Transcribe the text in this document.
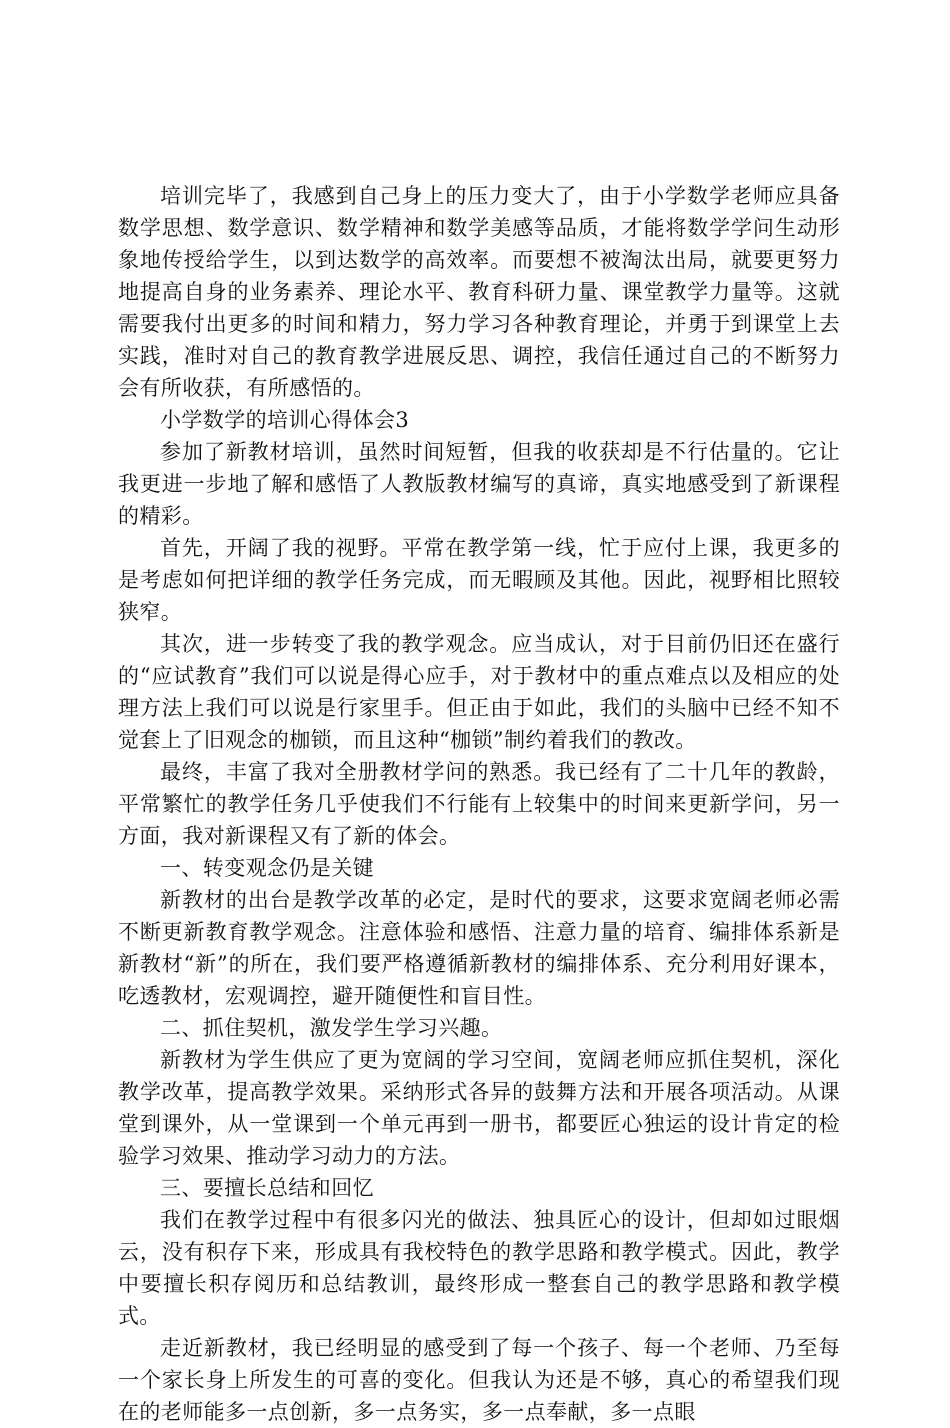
培训完毕了，我感到自己身上的压力变大了，由于小学数学老师应具备数学思想、数学意识、数学精神和数学美感等品质，才能将数学学问生动形象地传授给学生，以到达数学的高效率。而要想不被淘汰出局，就要更努力地提高自身的业务素养、理论水平、教育科研力量、课堂教学力量等。这就需要我付出更多的时间和精力，努力学习各种教育理论，并勇于到课堂上去实践，准时对自己的教育教学进展反思、调控，我信任通过自己的不断努力会有所收获，有所感悟的。

小学数学的培训心得体会3

参加了新教材培训，虽然时间短暂，但我的收获却是不行估量的。它让我更进一步地了解和感悟了人教版教材编写的真谛，真实地感受到了新课程的精彩。

首先，开阔了我的视野。平常在教学第一线，忙于应付上课，我更多的是考虑如何把详细的教学任务完成，而无暇顾及其他。因此，视野相比照较狭窄。

其次，进一步转变了我的教学观念。应当成认，对于目前仍旧还在盛行的“应试教育”我们可以说是得心应手，对于教材中的重点难点以及相应的处理方法上我们可以说是行家里手。但正由于如此，我们的头脑中已经不知不觉套上了旧观念的枷锁，而且这种“枷锁”制约着我们的教改。

最终，丰富了我对全册教材学问的熟悉。我已经有了二十几年的教龄，平常繁忙的教学任务几乎使我们不行能有上较集中的时间来更新学问，另一方面，我对新课程又有了新的体会。

一、转变观念仍是关键

新教材的出台是教学改革的必定，是时代的要求，这要求宽阔老师必需不断更新教育教学观念。注意体验和感悟、注意力量的培育、编排体系新是新教材“新”的所在，我们要严格遵循新教材的编排体系、充分利用好课本，吃透教材，宏观调控，避开随便性和盲目性。

二、抓住契机，激发学生学习兴趣。

新教材为学生供应了更为宽阔的学习空间，宽阔老师应抓住契机，深化教学改革，提高教学效果。采纳形式各异的鼓舞方法和开展各项活动。从课堂到课外，从一堂课到一个单元再到一册书，都要匠心独运的设计肯定的检验学习效果、推动学习动力的方法。

三、要擅长总结和回忆

我们在教学过程中有很多闪光的做法、独具匠心的设计，但却如过眼烟云，没有积存下来，形成具有我校特色的教学思路和教学模式。因此，教学中要擅长积存阅历和总结教训，最终形成一整套自己的教学思路和教学模式。

走近新教材，我已经明显的感受到了每一个孩子、每一个老师、乃至每一个家长身上所发生的可喜的变化。但我认为还是不够，真心的希望我们现在的老师能多一点创新，多一点务实，多一点奉献，多一点眼
